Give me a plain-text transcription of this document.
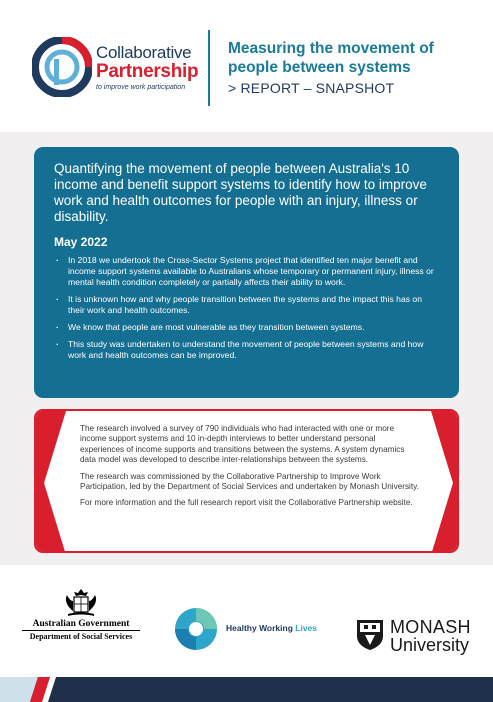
Collaborative
Partnership
to improve work participation
Measuring the movement of people between systems
> REPORT – SNAPSHOT
Quantifying the movement of people between Australia's 10 income and benefit support systems to identify how to improve work and health outcomes for people with an injury, illness or disability.
May 2022
· In 2018 we undertook the Cross-Sector Systems project that identified ten major benefit and income support systems available to Australians whose temporary or permanent injury, illness or mental health condition completely or partially affects their ability to work.
· It is unknown how and why people transition between the systems and the impact this has on their work and health outcomes.
· We know that people are most vulnerable as they transition between systems.
· This study was undertaken to understand the movement of people between systems and how work and health outcomes can be improved.

The research involved a survey of 790 individuals who had interacted with one or more income support systems and 10 in-depth interviews to better understand personal experiences of income supports and transitions between the systems. A system dynamics data model was developed to describe inter-relationships between the systems.

The research was commissioned by the Collaborative Partnership to Improve Work Participation, led by the Department of Social Services and undertaken by Monash University.

For more information and the full research report visit the Collaborative Partnership website.

Australian Government
Department of Social Services
Healthy Working Lives	MONASH
University
